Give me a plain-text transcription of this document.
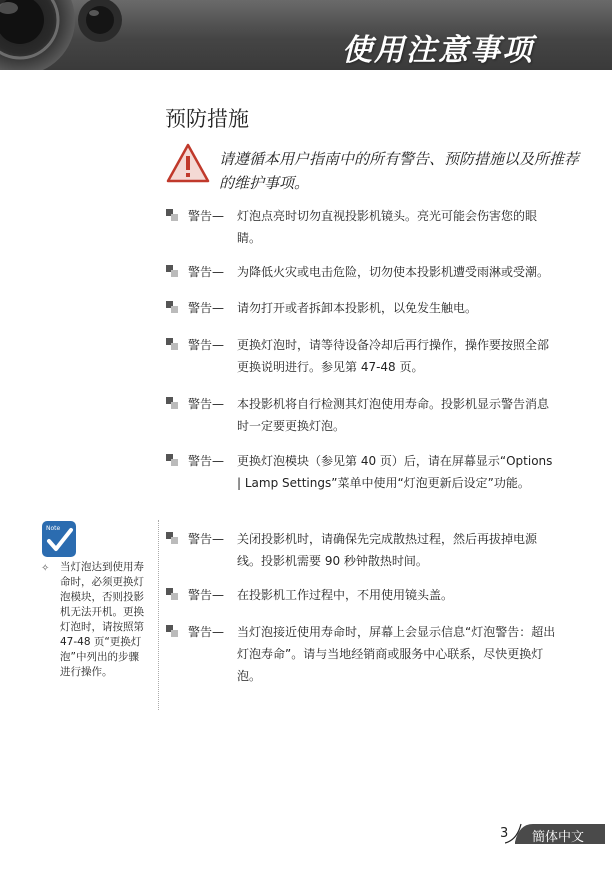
使用注意事项
预防措施
请遵循本用户指南中的所有警告、预防措施以及所推荐的维护事项。
警告— 灯泡点亮时切勿直视投影机镜头。亮光可能会伤害您的眼睛。
警告— 为降低火灾或电击危险，切勿使本投影机遭受雨淋或受潮。
警告— 请勿打开或者拆卸本投影机，以免发生触电。
警告— 更换灯泡时，请等待设备冷却后再行操作，操作要按照全部更换说明进行。参见第 47-48 页。
警告— 本投影机将自行检测其灯泡使用寿命。投影机显示警告消息时一定要更换灯泡。
警告— 更换灯泡模块（参见第 40 页）后，请在屏幕显示“Options | Lamp Settings”菜单中使用“灯泡更新后设定”功能。
警告— 关闭投影机时，请确保先完成散热过程，然后再拔掉电源线。投影机需要 90 秒钟散热时间。
警告— 在投影机工作过程中，不用使用镜头盖。
警告— 当灯泡接近使用寿命时，屏幕上会显示信息“灯泡警告：超出灯泡寿命”。请与当地经销商或服务中心联系，尽快更换灯泡。
Note
✧ 当灯泡达到使用寿命时，必须更换灯泡模块，否则投影机无法开机。更换灯泡时，请按照第 47-48 页“更换灯泡”中列出的步骤进行操作。
3 簡体中文
